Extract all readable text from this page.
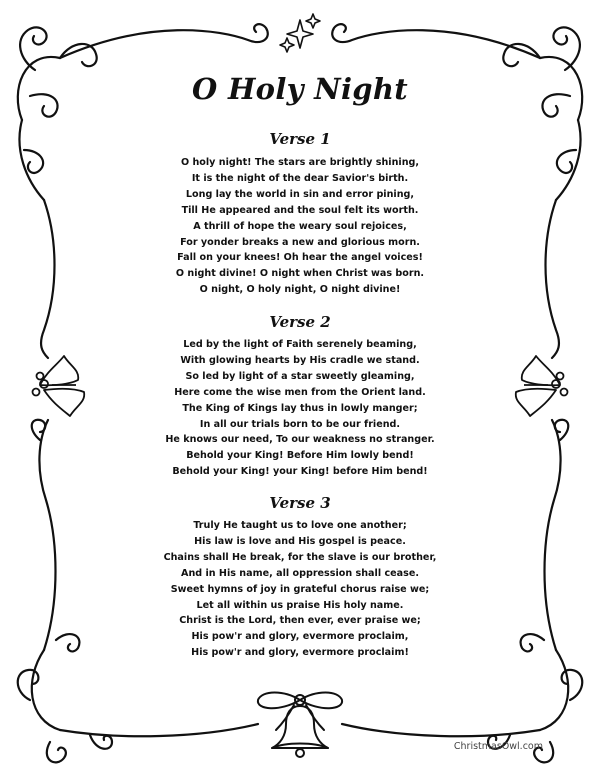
O Holy Night
Verse 1
O holy night! The stars are brightly shining,
It is the night of the dear Savior's birth.
Long lay the world in sin and error pining,
Till He appeared and the soul felt its worth.
A thrill of hope the weary soul rejoices,
For yonder breaks a new and glorious morn.
Fall on your knees! Oh hear the angel voices!
O night divine! O night when Christ was born.
O night, O holy night, O night divine!
Verse 2
Led by the light of Faith serenely beaming,
With glowing hearts by His cradle we stand.
So led by light of a star sweetly gleaming,
Here come the wise men from the Orient land.
The King of Kings lay thus in lowly manger;
In all our trials born to be our friend.
He knows our need, To our weakness no stranger.
Behold your King! Before Him lowly bend!
Behold your King! your King! before Him bend!
Verse 3
Truly He taught us to love one another;
His law is love and His gospel is peace.
Chains shall He break, for the slave is our brother,
And in His name, all oppression shall cease.
Sweet hymns of joy in grateful chorus raise we;
Let all within us praise His holy name.
Christ is the Lord, then ever, ever praise we;
His pow'r and glory, evermore proclaim,
His pow'r and glory, evermore proclaim!
ChristmasOwl.com
